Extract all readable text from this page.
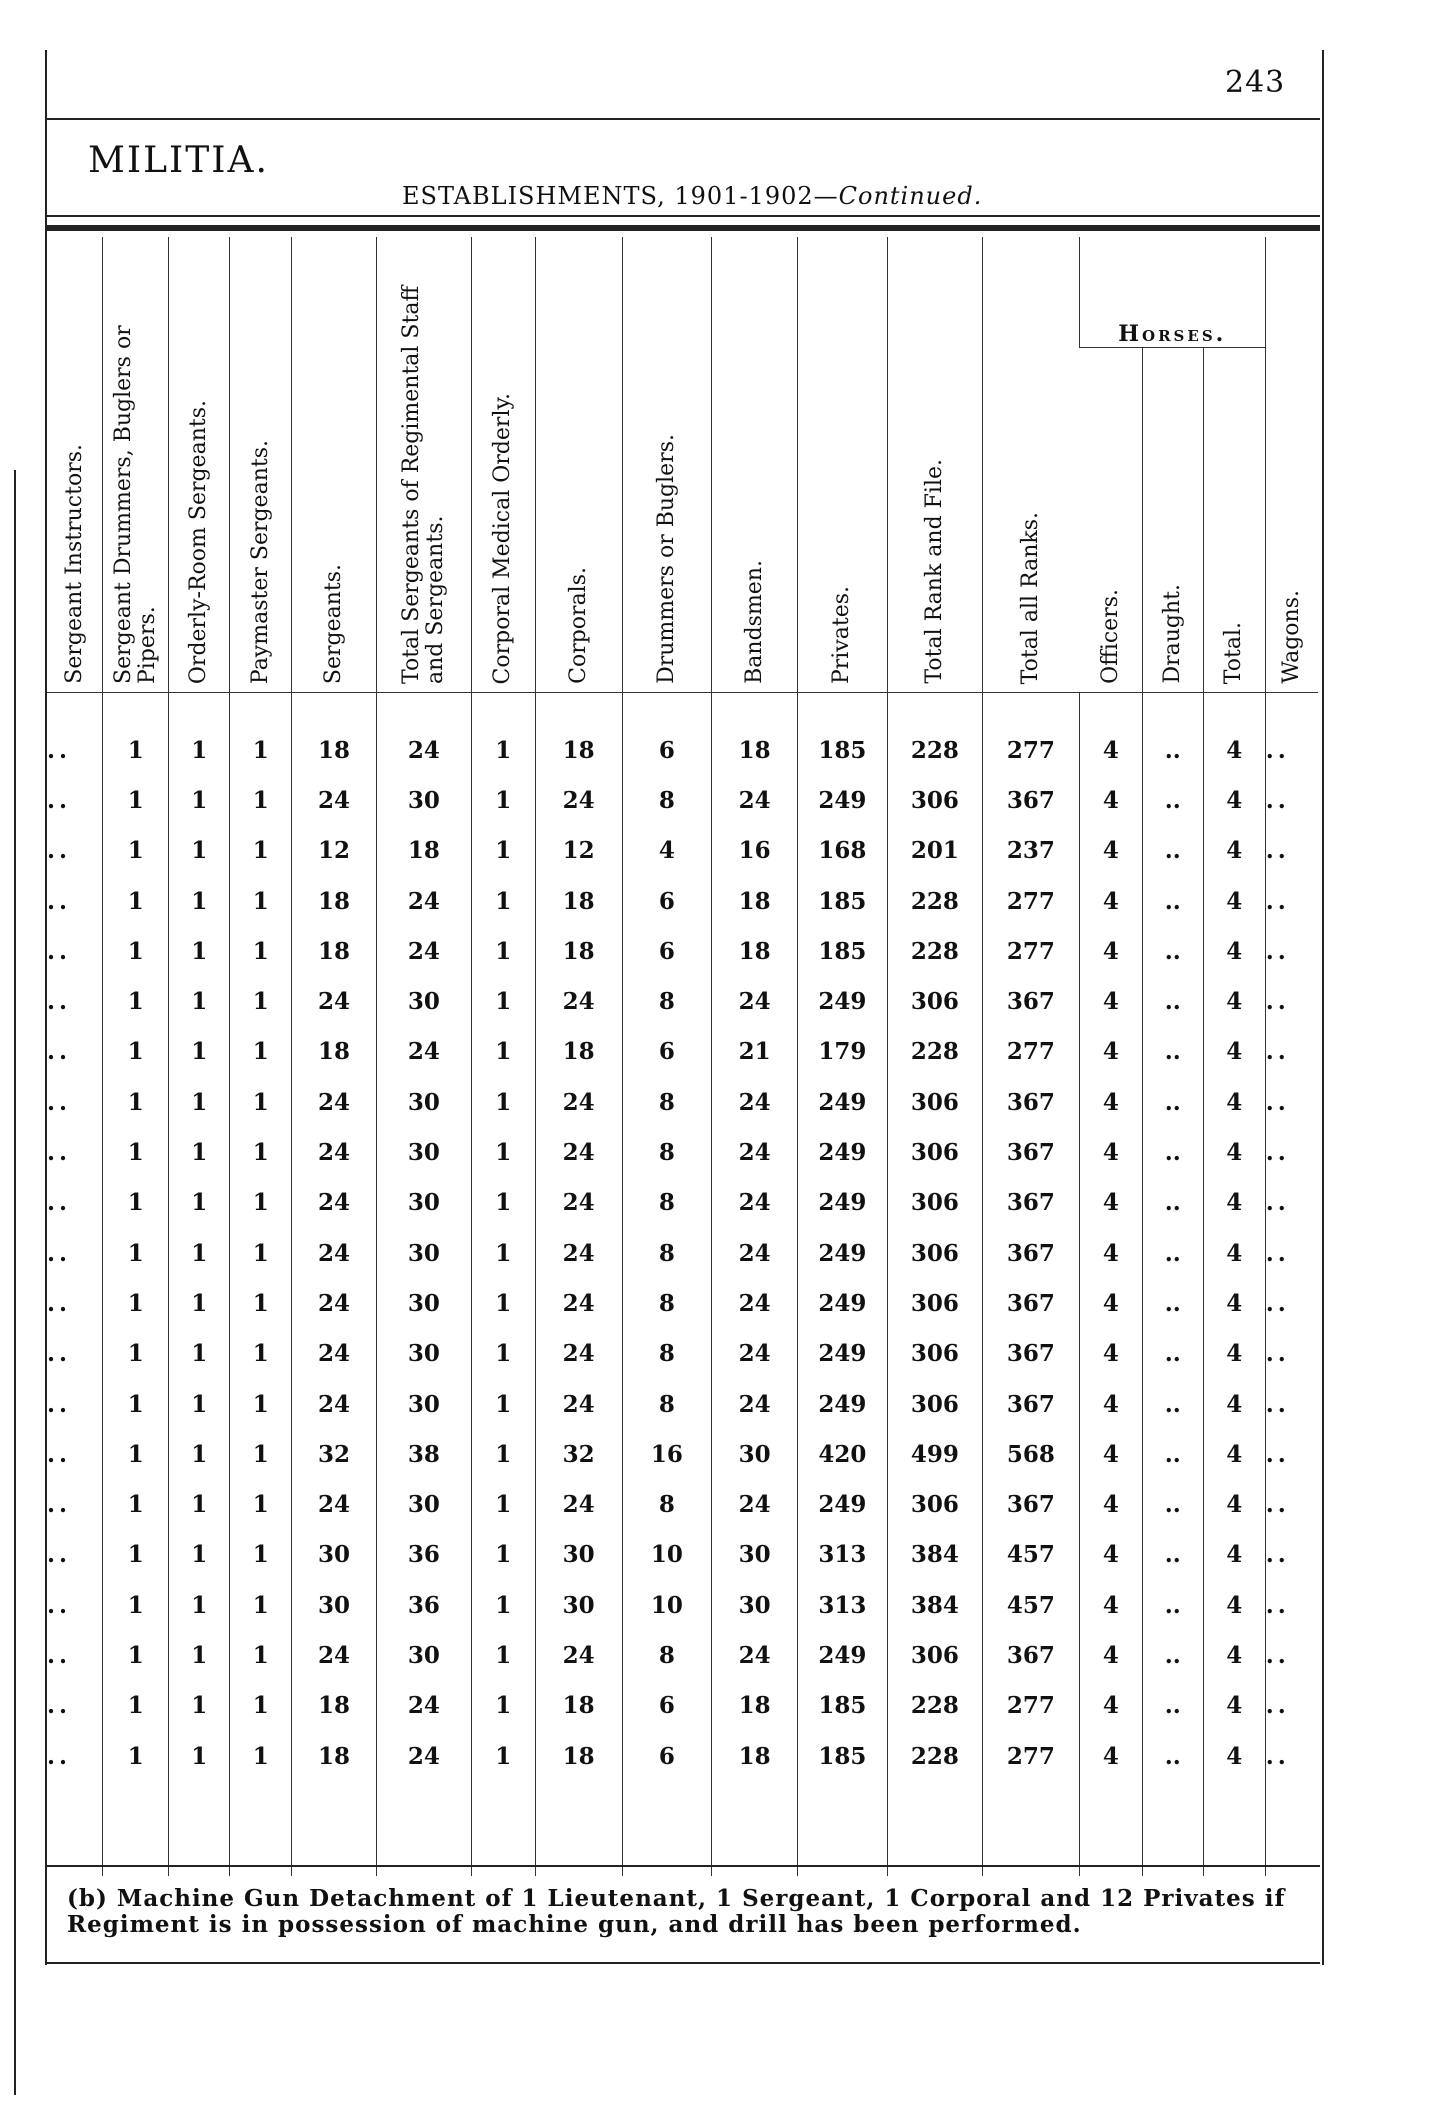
243
MILITIA.
ESTABLISHMENTS, 1901-1902—Continued.
Sergeant Instructors.	Sergeant Drummers, Buglers or Pipers.	Orderly-Room Sergeants.	Paymaster Sergeants.	Sergeants.	Total Sergeants of Regimental Staff and Sergeants.	Corporal Medical Orderly.	Corporals.	Drummers or Buglers.	Bandsmen.	Privates.	Total Rank and File.	Total all Ranks.	Horses.			Wagons.

													Officers.	Draught.	Total.	

..	1	1	1	18	24	1	18	6	18	185	228	277	4	..	4	..
..	1	1	1	24	30	1	24	8	24	249	306	367	4	..	4	..
..	1	1	1	12	18	1	12	4	16	168	201	237	4	..	4	..
..	1	1	1	18	24	1	18	6	18	185	228	277	4	..	4	..
..	1	1	1	18	24	1	18	6	18	185	228	277	4	..	4	..
..	1	1	1	24	30	1	24	8	24	249	306	367	4	..	4	..
..	1	1	1	18	24	1	18	6	21	179	228	277	4	..	4	..
..	1	1	1	24	30	1	24	8	24	249	306	367	4	..	4	..
..	1	1	1	24	30	1	24	8	24	249	306	367	4	..	4	..
..	1	1	1	24	30	1	24	8	24	249	306	367	4	..	4	..
..	1	1	1	24	30	1	24	8	24	249	306	367	4	..	4	..
..	1	1	1	24	30	1	24	8	24	249	306	367	4	..	4	..
..	1	1	1	24	30	1	24	8	24	249	306	367	4	..	4	..
..	1	1	1	24	30	1	24	8	24	249	306	367	4	..	4	..
..	1	1	1	32	38	1	32	16	30	420	499	568	4	..	4	..
..	1	1	1	24	30	1	24	8	24	249	306	367	4	..	4	..
..	1	1	1	30	36	1	30	10	30	313	384	457	4	..	4	..
..	1	1	1	30	36	1	30	10	30	313	384	457	4	..	4	..
..	1	1	1	24	30	1	24	8	24	249	306	367	4	..	4	..
..	1	1	1	18	24	1	18	6	18	185	228	277	4	..	4	..
..	1	1	1	18	24	1	18	6	18	185	228	277	4	..	4	..

(b) Machine Gun Detachment of 1 Lieutenant, 1 Sergeant, 1 Corporal and 12 Privates if Regiment is in possession of machine gun, and drill has been performed.
